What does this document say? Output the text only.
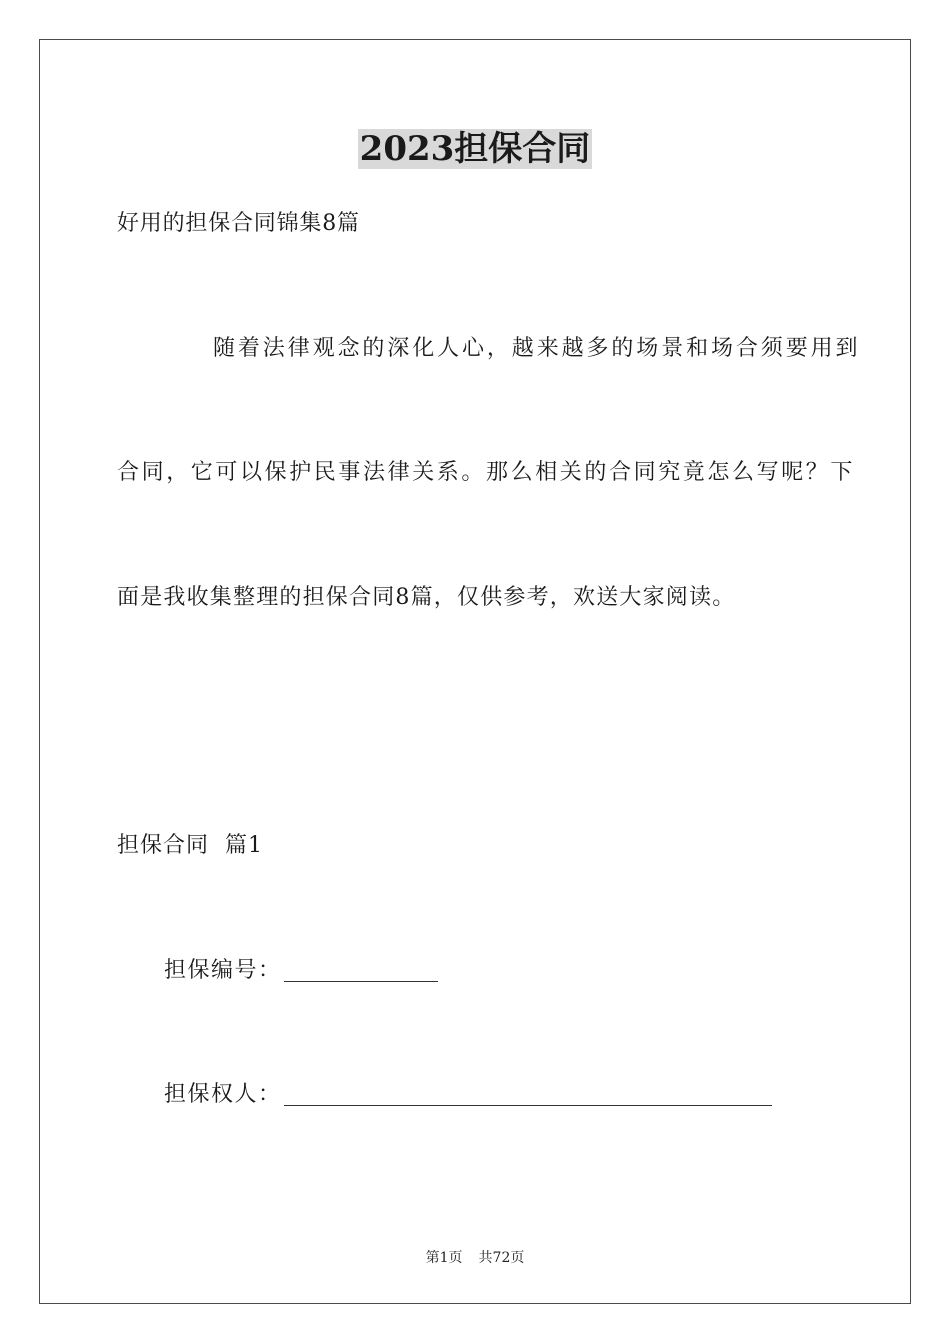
2023担保合同
好用的担保合同锦集8篇
随着法律观念的深化人心，越来越多的场景和场合须要用到
合同，它可以保护民事法律关系。那么相关的合同究竟怎么写呢？下
面是我收集整理的担保合同8篇，仅供参考，欢送大家阅读。
担保合同  篇1
担保编号：
担保权人：
第1页 共72页
